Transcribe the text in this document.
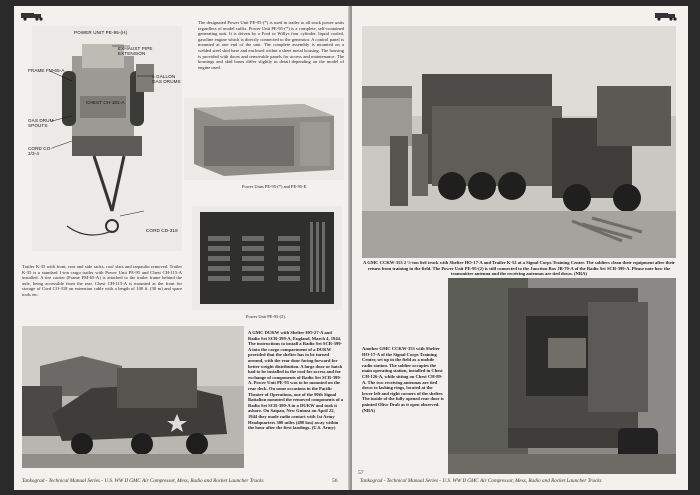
POWER UNIT PE-95-(H)
EXHAUST PIPE EXTENSION
FRAME FM-65-A
5 GALLON GAS DRUMS
GAS DRUM SPOUTS
CORD CO-3/3-4
CHEST CH-101-A
CORD CD-318
The designated Power Unit PE-95-(*) is used in trailer to all truck power units regardless of model suffix. Power Unit PE-95-(*) is a complete, self-contained generating unit. It is driven by a Ford or Willys four cylinder, liquid cooled, gasoline engine which is directly connected to the generator. A control panel is mounted at one end of the unit. The complete assembly is mounted on a welded steel skid base and enclosed within a sheet metal housing. The housing is provided with doors and removable panels for access and maintenance. The housings and skid bases differ slightly in detail depending on the model of engine used.
Power Units PE-95-(*) and PE-95-E.
Power Unit PE-95-(2).
Trailer K-35 with front, rear and side racks, roof slats and tarpaulin removed. Trailer K-35 is a standard 1-ton cargo trailer with Power Unit PE-95 and Chest CH-115-A installed. A tire carrier (Frame FM-65-A) is attached to the trailer frame behind the axle, being accessible from the rear. Chest CH-115-A is mounted at the front for storage of Cord CO-318 an extension cable with a length of 100 ft. (30 m) and spare tools etc.
A GMC DUKW with Shelter HO-27-A and Radio Set SCR-399-A, England, March 4, 1944. The instructions to install a Radio Set SCR-399-A into the cargo compartment of a DUKW provided that the shelter has to be turned around, with the rear door facing forward for better weight distribution. A large door or hatch had to be installed in the roof for access and for exchange of components of Radio Set SCR-399-A. Power Unit PE-95 was to be mounted on the rear deck. On some occasions in the Pacific Theater of Operations, one of the 90th Signal Battalion mounted the removed components of a Radio Set SCR-399-A in a DUKW and took it ashore. On Saipan, New Guinea on April 22, 1944 they made radio contact with 1st Army Headquarters 300 miles (480 km) away within the hour after the first landings. (U.S. Army)
Tankograd - Technical Manual Series - U.S. WW II GMC Air Compressor, Mess, Radio and Rocket Launcher Trucks	56
A GMC CCKW-353 2 ½-ton 6x6 truck with Shelter HO-17-A and Trailer K-52 at a Signal Corps Training Center. The soldiers clean their equipment after their return from training in the field. The Power Unit PE-95-(2) is still connected to the Junction Box JB-70-A of the Radio Set SCR-399-A. Please note how the transmitter antenna and the receiving antennas are tied down. (NRA)
Another GMC CCKW-353 with Shelter HO-17-A of the Signal Corps Training Center, set up in the field as a mobile radio station. The soldier occupies the main operating station, installed in Chest CH-126-A, while sitting on Chest CH-89-A. The two receiving antennas are tied down to lashing rings, located at the lower left and right corners of the shelter. The inside of the fully opened rear door is painted Olive Drab as it open observed. (NRA)
Tankograd - Technical Manual Series - U.S. WW II GMC Air Compressor, Mess, Radio and Rocket Launcher Trucks
57
